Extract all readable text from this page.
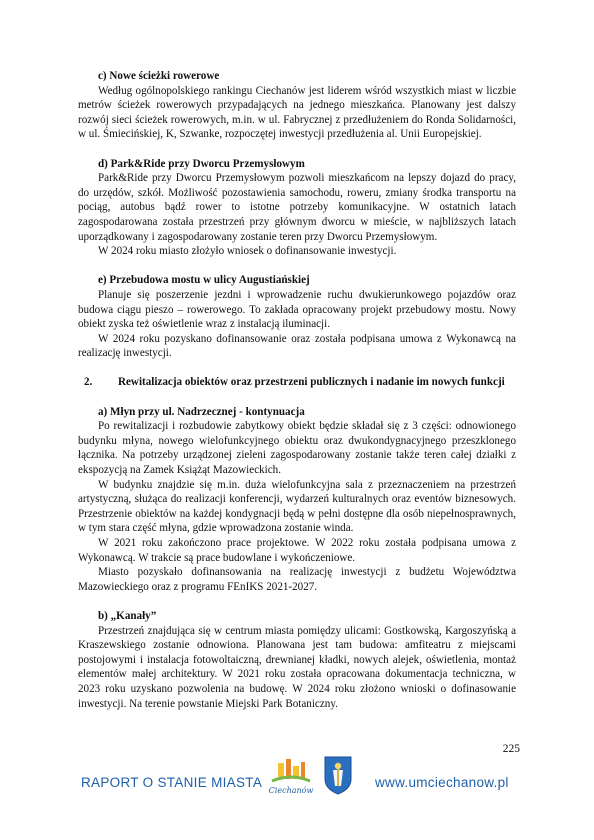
c) Nowe ścieżki rowerowe

Według ogólnopolskiego rankingu Ciechanów jest liderem wśród wszystkich miast w liczbie metrów ścieżek rowerowych przypadających na jednego mieszkańca. Planowany jest dalszy rozwój sieci ścieżek rowerowych, m.in. w ul. Fabrycznej z przedłużeniem do Ronda Solidarności, w ul. Śmiecińskiej, K, Szwanke, rozpoczętej inwestycji przedłużenia al. Unii Europejskiej.

d) Park&Ride przy Dworcu Przemysłowym

Park&Ride przy Dworcu Przemysłowym pozwoli mieszkańcom na lepszy dojazd do pracy, do urzędów, szkół. Możliwość pozostawienia samochodu, roweru, zmiany środka transportu na pociąg, autobus bądź rower to istotne potrzeby komunikacyjne. W ostatnich latach zagospodarowana została przestrzeń przy głównym dworcu w mieście, w najbliższych latach uporządkowany i zagospodarowany zostanie teren przy Dworcu Przemysłowym.

W 2024 roku miasto złożyło wniosek o dofinansowanie inwestycji.

e) Przebudowa mostu w ulicy Augustiańskiej

Planuje się poszerzenie jezdni i wprowadzenie ruchu dwukierunkowego pojazdów oraz budowa ciągu pieszo – rowerowego. To zakłada opracowany projekt przebudowy mostu. Nowy obiekt zyska też oświetlenie wraz z instalacją iluminacji.

W 2024 roku pozyskano dofinansowanie oraz została podpisana umowa z Wykonawcą na realizację inwestycji.

2.	Rewitalizacja obiektów oraz przestrzeni publicznych i nadanie im nowych funkcji

a) Młyn przy ul. Nadrzecznej - kontynuacja

Po rewitalizacji i rozbudowie zabytkowy obiekt będzie składał się z 3 części: odnowionego budynku młyna, nowego wielofunkcyjnego obiektu oraz dwukondygnacyjnego przeszklonego łącznika. Na potrzeby urządzonej zieleni zagospodarowany zostanie także teren całej działki z ekspozycją na Zamek Książąt Mazowieckich.

W budynku znajdzie się m.in. duża wielofunkcyjna sala z przeznaczeniem na przestrzeń artystyczną, służąca do realizacji konferencji, wydarzeń kulturalnych oraz eventów biznesowych. Przestrzenie obiektów na każdej kondygnacji będą w pełni dostępne dla osób niepełnosprawnych, w tym stara część młyna, gdzie wprowadzona zostanie winda.

W 2021 roku zakończono prace projektowe. W 2022 roku została podpisana umowa z Wykonawcą. W trakcie są prace budowlane i wykończeniowe.

Miasto pozyskało dofinansowania na realizację inwestycji z budżetu Województwa Mazowieckiego oraz z programu FEnIKS 2021-2027.

b) „Kanały”

Przestrzeń znajdująca się w centrum miasta pomiędzy ulicami: Gostkowską, Kargoszyńską a Kraszewskiego zostanie odnowiona. Planowana jest tam budowa: amfiteatru z miejscami postojowymi i instalacja fotowoltaiczną, drewnianej kładki, nowych alejek, oświetlenia, montaż elementów małej architektury. W 2021 roku została opracowana dokumentacja techniczna, w 2023 roku uzyskano pozwolenia na budowę. W 2024 roku złożono wnioski o dofinasowanie inwestycji. Na terenie powstanie Miejski Park Botaniczny.

225
RAPORT O STANIE MIASTA
Ciechanów
www.umciechanow.pl
